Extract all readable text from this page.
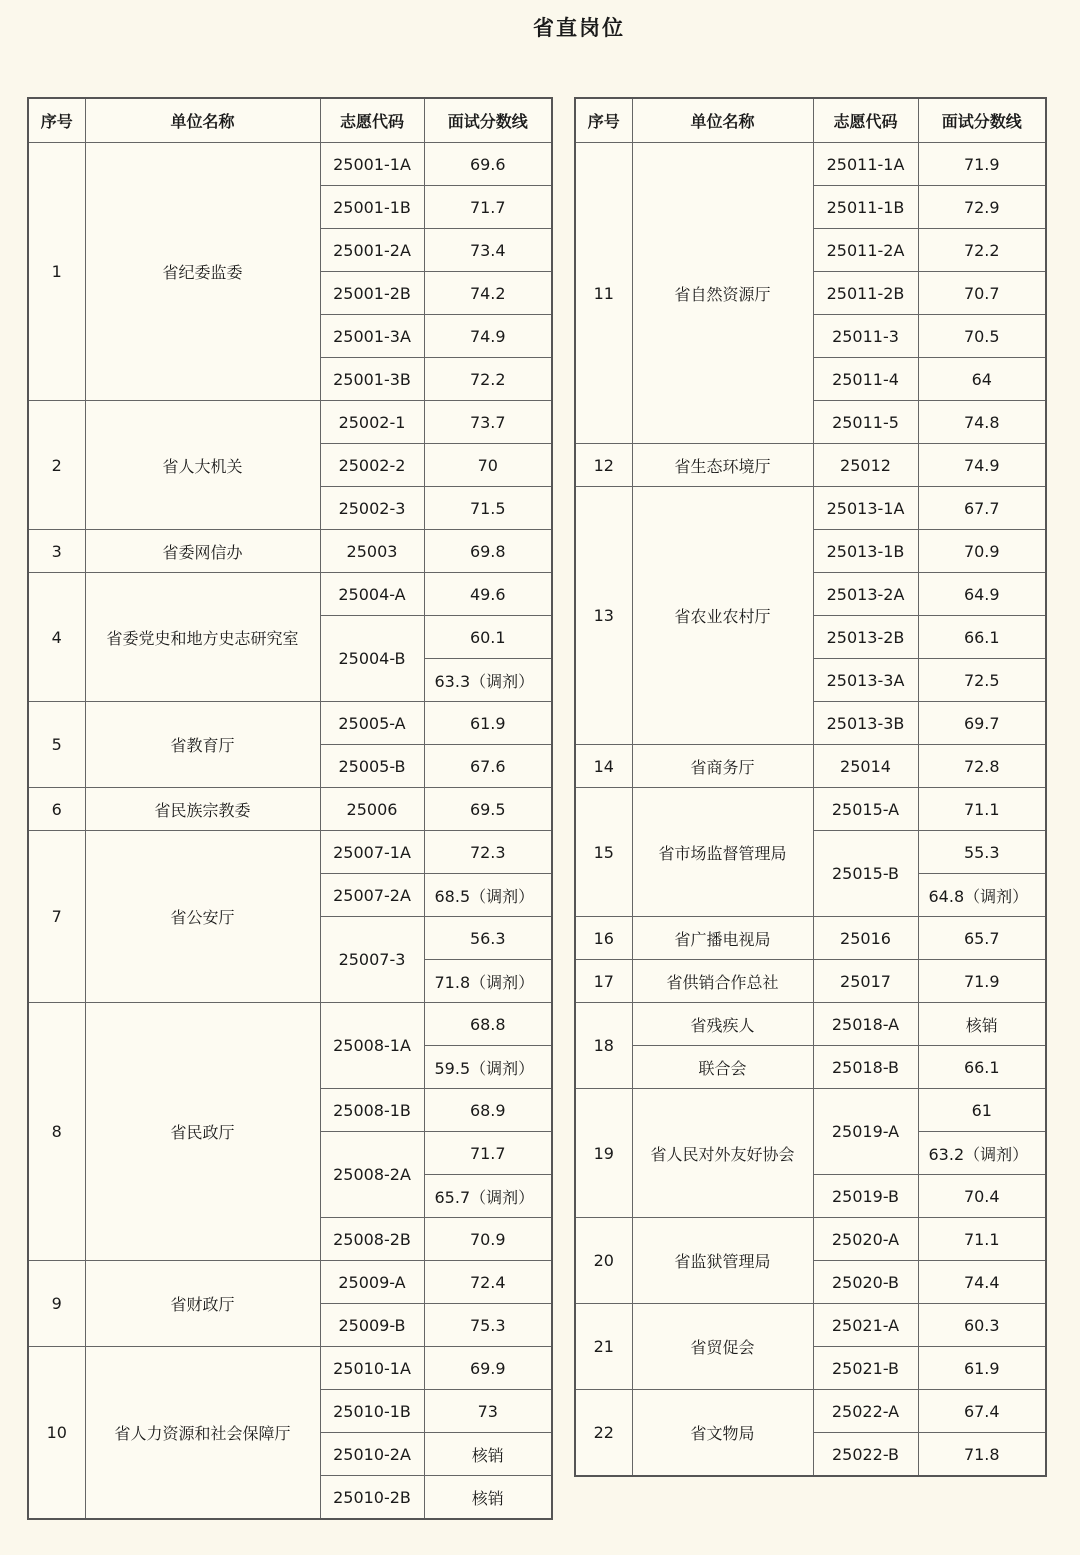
省直岗位
序号	单位名称	志愿代码	面试分数线
1	省纪委监委	25001-1A	69.6
		25001-1B	71.7
		25001-2A	73.4
		25001-2B	74.2
		25001-3A	74.9
		25001-3B	72.2
2	省人大机关	25002-1	73.7
		25002-2	70
		25002-3	71.5
3	省委网信办	25003	69.8
4	省委党史和地方史志研究室	25004-A	49.6
		25004-B	60.1
			63.3（调剂）
5	省教育厅	25005-A	61.9
		25005-B	67.6
6	省民族宗教委	25006	69.5
7	省公安厅	25007-1A	72.3
		25007-2A	68.5（调剂）
		25007-3	56.3
			71.8（调剂）
8	省民政厅	25008-1A	68.8
			59.5（调剂）
		25008-1B	68.9
		25008-2A	71.7
			65.7（调剂）
		25008-2B	70.9
9	省财政厅	25009-A	72.4
		25009-B	75.3
10	省人力资源和社会保障厅	25010-1A	69.9
		25010-1B	73
		25010-2A	核销
		25010-2B	核销
序号	单位名称	志愿代码	面试分数线
11	省自然资源厅	25011-1A	71.9
		25011-1B	72.9
		25011-2A	72.2
		25011-2B	70.7
		25011-3	70.5
		25011-4	64
		25011-5	74.8
12	省生态环境厅	25012	74.9
13	省农业农村厅	25013-1A	67.7
		25013-1B	70.9
		25013-2A	64.9
		25013-2B	66.1
		25013-3A	72.5
		25013-3B	69.7
14	省商务厅	25014	72.8
15	省市场监督管理局	25015-A	71.1
		25015-B	55.3
			64.8（调剂）
16	省广播电视局	25016	65.7
17	省供销合作总社	25017	71.9
18	省残疾人	25018-A	核销
	联合会	25018-B	66.1
19	省人民对外友好协会	25019-A	61
			63.2（调剂）
		25019-B	70.4
20	省监狱管理局	25020-A	71.1
		25020-B	74.4
21	省贸促会	25021-A	60.3
		25021-B	61.9
22	省文物局	25022-A	67.4
		25022-B	71.8
